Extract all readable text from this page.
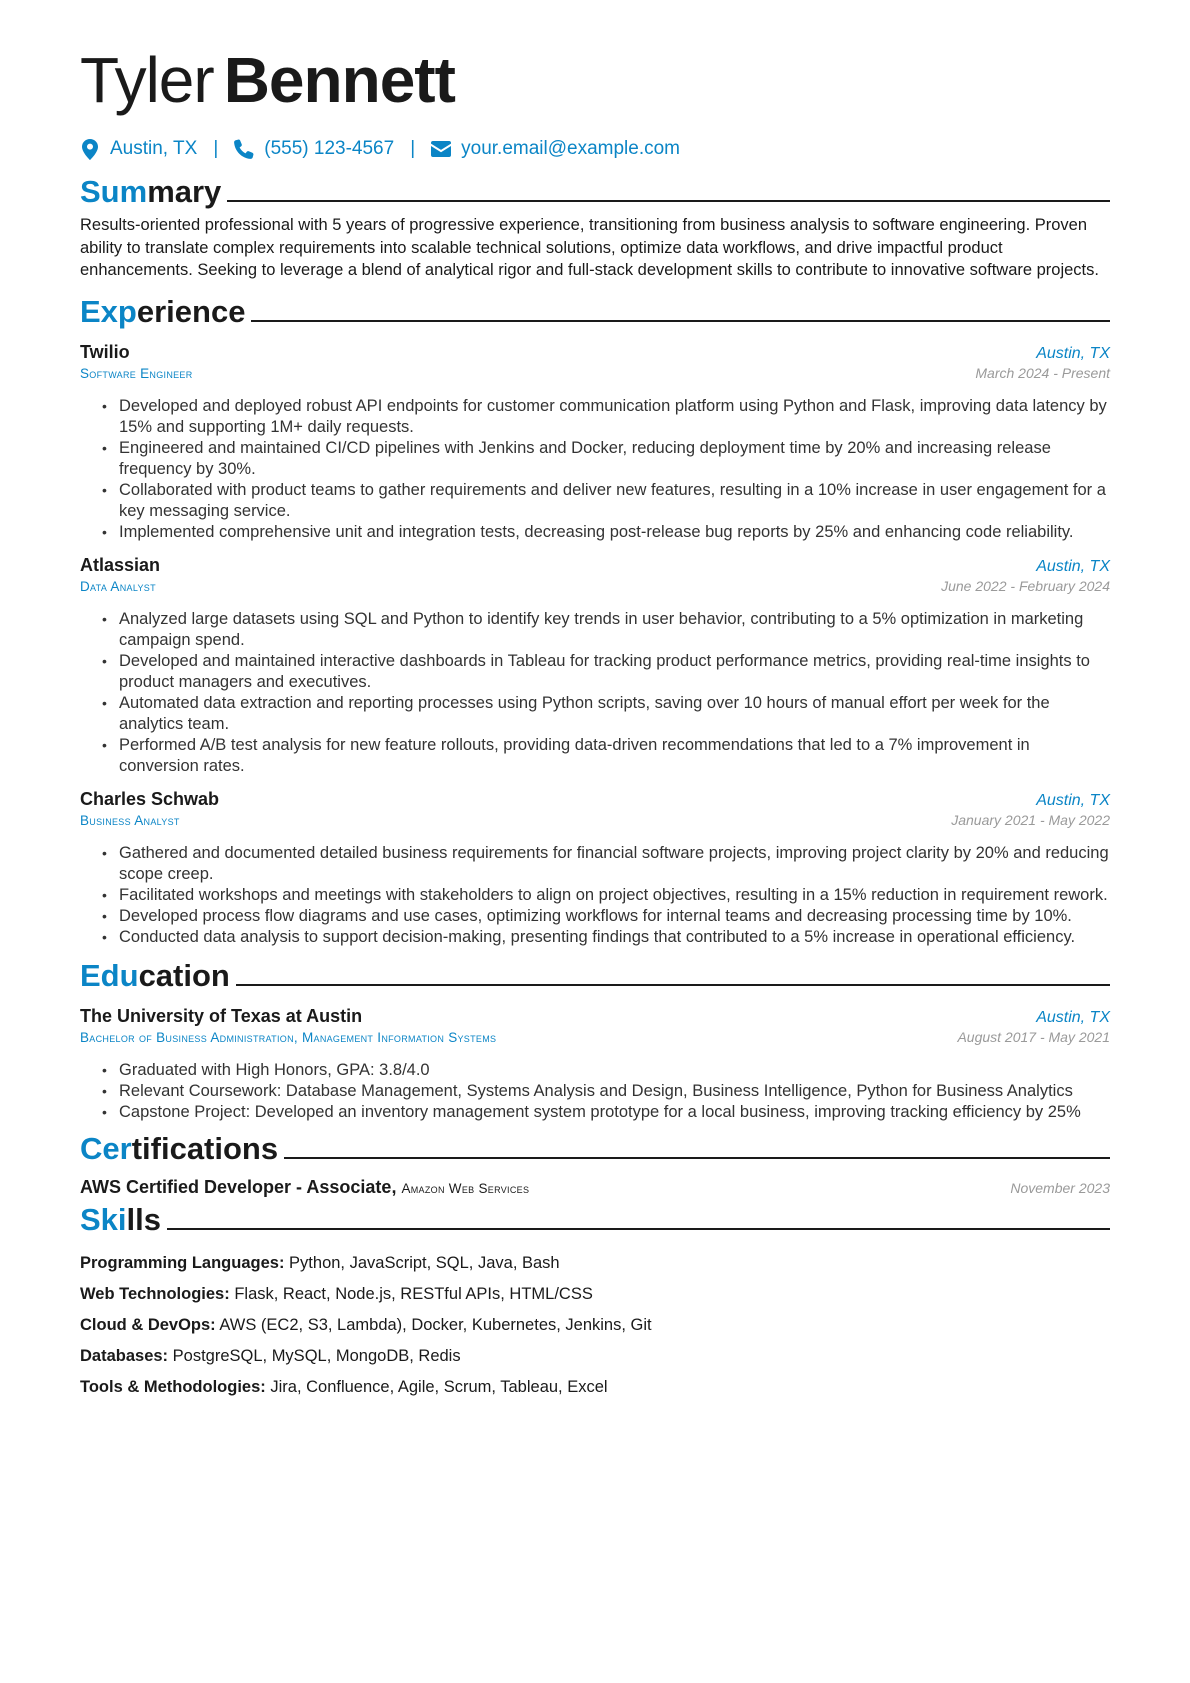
Tyler Bennett
Austin, TX | (555) 123-4567 | your.email@example.com
Summary

Results-oriented professional with 5 years of progressive experience, transitioning from business analysis to software engineering. Proven ability to translate complex requirements into scalable technical solutions, optimize data workflows, and drive impactful product enhancements. Seeking to leverage a blend of analytical rigor and full-stack development skills to contribute to innovative software projects.

Experience
Twilio	Austin, TX
Software Engineer	March 2024 - Present
• Developed and deployed robust API endpoints for customer communication platform using Python and Flask, improving data latency by 15% and supporting 1M+ daily requests.
• Engineered and maintained CI/CD pipelines with Jenkins and Docker, reducing deployment time by 20% and increasing release frequency by 30%.
• Collaborated with product teams to gather requirements and deliver new features, resulting in a 10% increase in user engagement for a key messaging service.
• Implemented comprehensive unit and integration tests, decreasing post-release bug reports by 25% and enhancing code reliability.
Atlassian	Austin, TX
Data Analyst	June 2022 - February 2024
• Analyzed large datasets using SQL and Python to identify key trends in user behavior, contributing to a 5% optimization in marketing campaign spend.
• Developed and maintained interactive dashboards in Tableau for tracking product performance metrics, providing real-time insights to product managers and executives.
• Automated data extraction and reporting processes using Python scripts, saving over 10 hours of manual effort per week for the analytics team.
• Performed A/B test analysis for new feature rollouts, providing data-driven recommendations that led to a 7% improvement in conversion rates.
Charles Schwab	Austin, TX
Business Analyst	January 2021 - May 2022
• Gathered and documented detailed business requirements for financial software projects, improving project clarity by 20% and reducing scope creep.
• Facilitated workshops and meetings with stakeholders to align on project objectives, resulting in a 15% reduction in requirement rework.
• Developed process flow diagrams and use cases, optimizing workflows for internal teams and decreasing processing time by 10%.
• Conducted data analysis to support decision-making, presenting findings that contributed to a 5% increase in operational efficiency.
Education
The University of Texas at Austin	Austin, TX
Bachelor of Business Administration, Management Information Systems	August 2017 - May 2021
• Graduated with High Honors, GPA: 3.8/4.0
• Relevant Coursework: Database Management, Systems Analysis and Design, Business Intelligence, Python for Business Analytics
• Capstone Project: Developed an inventory management system prototype for a local business, improving tracking efficiency by 25%
Certifications
AWS Certified Developer - Associate, Amazon Web Services	November 2023
Skills
Programming Languages: Python, JavaScript, SQL, Java, Bash
Web Technologies: Flask, React, Node.js, RESTful APIs, HTML/CSS
Cloud & DevOps: AWS (EC2, S3, Lambda), Docker, Kubernetes, Jenkins, Git
Databases: PostgreSQL, MySQL, MongoDB, Redis
Tools & Methodologies: Jira, Confluence, Agile, Scrum, Tableau, Excel
